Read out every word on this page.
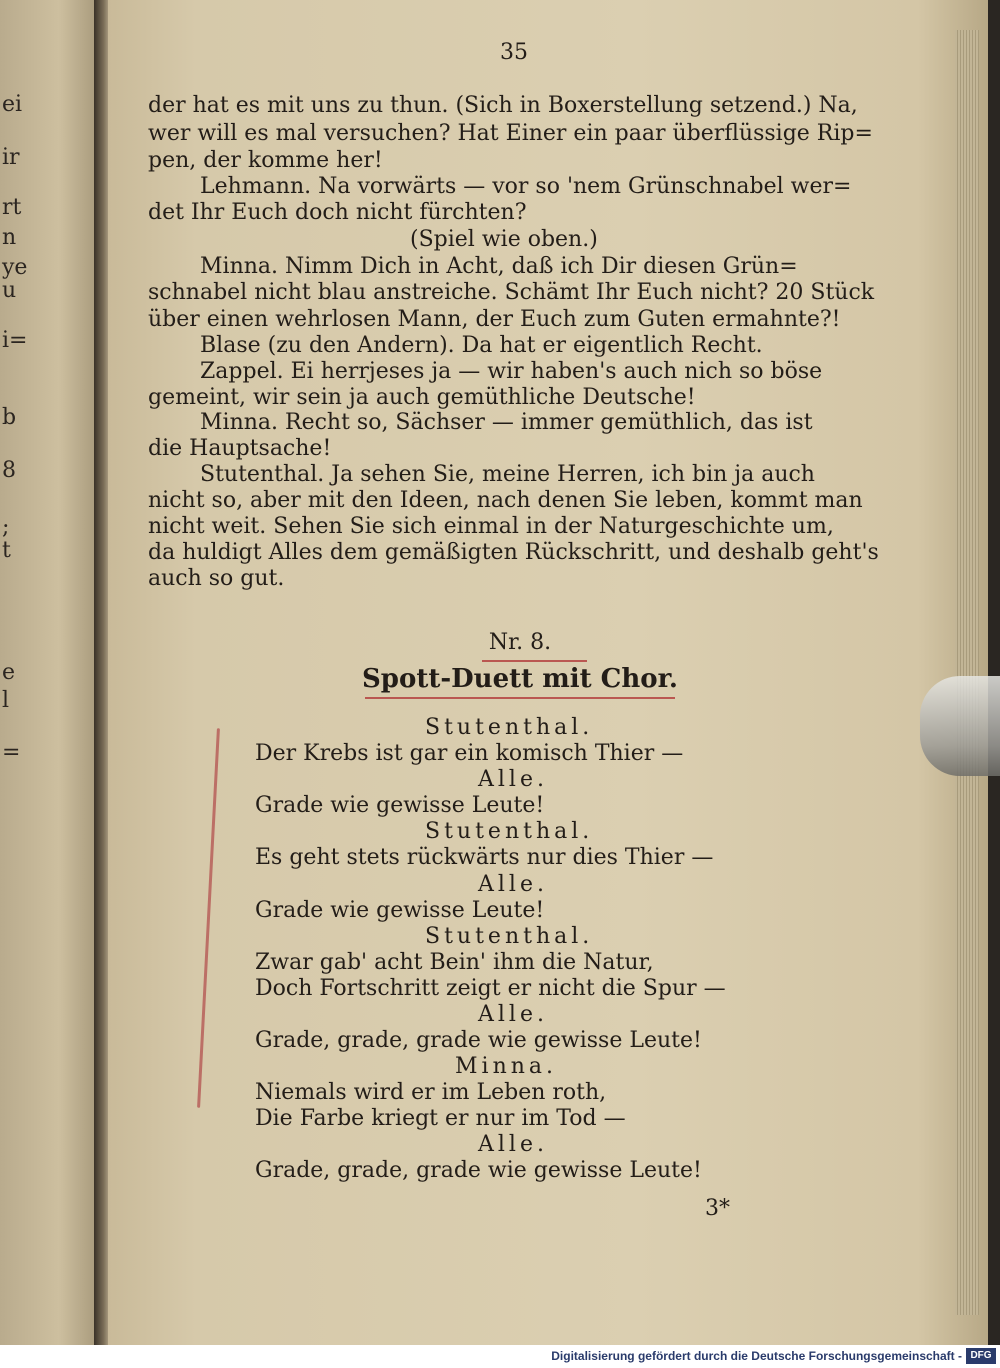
ei
ir
rt
n
ye
u
i=
b
8
;
t
e
l
=
35
der hat es mit uns zu thun. (Sich in Boxerstellung setzend.) Na,
wer will es mal versuchen? Hat Einer ein paar überflüssige Rip=
pen, der komme her!
Lehmann. Na vorwärts — vor so 'nem Grünschnabel wer=
det Ihr Euch doch nicht fürchten?
(Spiel wie oben.)
Minna. Nimm Dich in Acht, daß ich Dir diesen Grün=
schnabel nicht blau anstreiche. Schämt Ihr Euch nicht? 20 Stück
über einen wehrlosen Mann, der Euch zum Guten ermahnte?!
Blase (zu den Andern). Da hat er eigentlich Recht.
Zappel. Ei herrjeses ja — wir haben's auch nich so böse
gemeint, wir sein ja auch gemüthliche Deutsche!
Minna. Recht so, Sächser — immer gemüthlich, das ist
die Hauptsache!
Stutenthal. Ja sehen Sie, meine Herren, ich bin ja auch
nicht so, aber mit den Ideen, nach denen Sie leben, kommt man
nicht weit. Sehen Sie sich einmal in der Naturgeschichte um,
da huldigt Alles dem gemäßigten Rückschritt, und deshalb geht's
auch so gut.
Nr. 8.
Spott-Duett mit Chor.
Stutenthal.
Der Krebs ist gar ein komisch Thier —
Alle.
Grade wie gewisse Leute!
Stutenthal.
Es geht stets rückwärts nur dies Thier —
Alle.
Grade wie gewisse Leute!
Stutenthal.
Zwar gab' acht Bein' ihm die Natur,
Doch Fortschritt zeigt er nicht die Spur —
Alle.
Grade, grade, grade wie gewisse Leute!
Minna.
Niemals wird er im Leben roth,
Die Farbe kriegt er nur im Tod —
Alle.
Grade, grade, grade wie gewisse Leute!
3*
Digitalisierung gefördert durch die Deutsche Forschungsgemeinschaft - DFG
